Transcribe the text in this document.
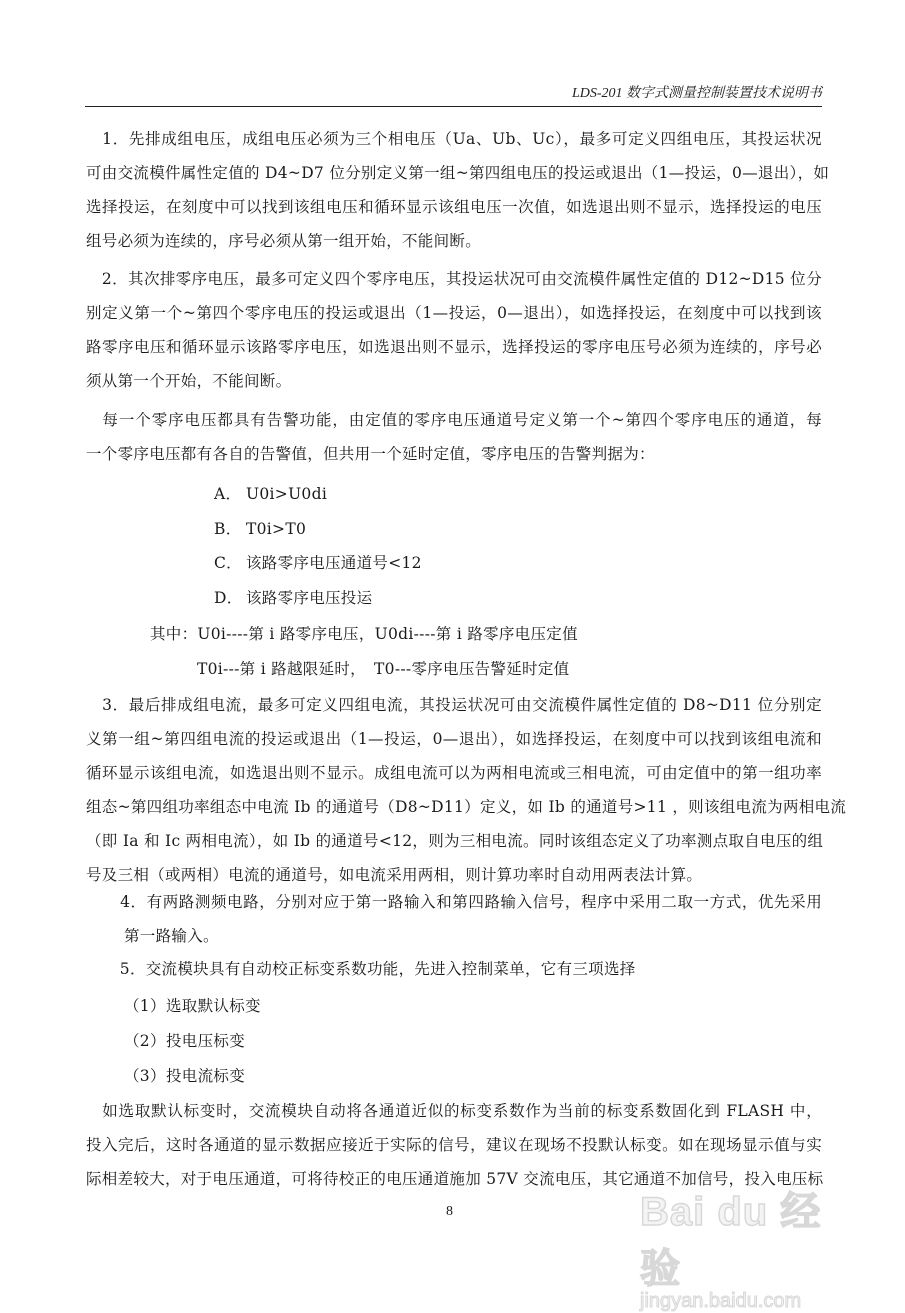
LDS-201 数字式测量控制装置技术说明书
　1．先排成组电压，成组电压必须为三个相电压（Ua、Ub、Uc），最多可定义四组电压，其投运状况
可由交流模件属性定值的 D4~D7 位分别定义第一组~第四组电压的投运或退出（1—投运，0—退出），如
选择投运，在刻度中可以找到该组电压和循环显示该组电压一次值，如选退出则不显示，选择投运的电压
组号必须为连续的，序号必须从第一组开始，不能间断。
　2．其次排零序电压，最多可定义四个零序电压，其投运状况可由交流模件属性定值的 D12~D15 位分
别定义第一个~第四个零序电压的投运或退出（1—投运，0—退出），如选择投运，在刻度中可以找到该
路零序电压和循环显示该路零序电压，如选退出则不显示，选择投运的零序电压号必须为连续的，序号必
须从第一个开始，不能间断。
　每一个零序电压都具有告警功能，由定值的零序电压通道号定义第一个~第四个零序电压的通道，每
一个零序电压都有各自的告警值，但共用一个延时定值，零序电压的告警判据为：
A． U0i>U0di
B． T0i>T0
C． 该路零序电压通道号<12
D． 该路零序电压投运
其中：U0i----第 i 路零序电压，U0di----第 i 路零序电压定值
T0i---第 i 路越限延时，　T0---零序电压告警延时定值
　3．最后排成组电流，最多可定义四组电流，其投运状况可由交流模件属性定值的 D8~D11 位分别定
义第一组~第四组电流的投运或退出（1—投运，0—退出），如选择投运，在刻度中可以找到该组电流和
循环显示该组电流，如选退出则不显示。成组电流可以为两相电流或三相电流，可由定值中的第一组功率
组态~第四组功率组态中电流 Ib 的通道号（D8~D11）定义，如 Ib 的通道号>11 ，则该组电流为两相电流
（即 Ia 和 Ic 两相电流），如 Ib 的通道号<12，则为三相电流。同时该组态定义了功率测点取自电压的组
号及三相（或两相）电流的通道号，如电流采用两相，则计算功率时自动用两表法计算。
　4．有两路测频电路，分别对应于第一路输入和第四路输入信号，程序中采用二取一方式，优先采用
第一路输入。
　5．交流模块具有自动校正标变系数功能，先进入控制菜单，它有三项选择
（1）选取默认标变
（2）投电压标变
（3）投电流标变
　如选取默认标变时，交流模块自动将各通道近似的标变系数作为当前的标变系数固化到 FLASH 中，
投入完后，这时各通道的显示数据应接近于实际的信号，建议在现场不投默认标变。如在现场显示值与实
际相差较大，对于电压通道，可将待校正的电压通道施加 57V 交流电压，其它通道不加信号，投入电压标
8	Bai du 经验
jingyan.baidu.com
